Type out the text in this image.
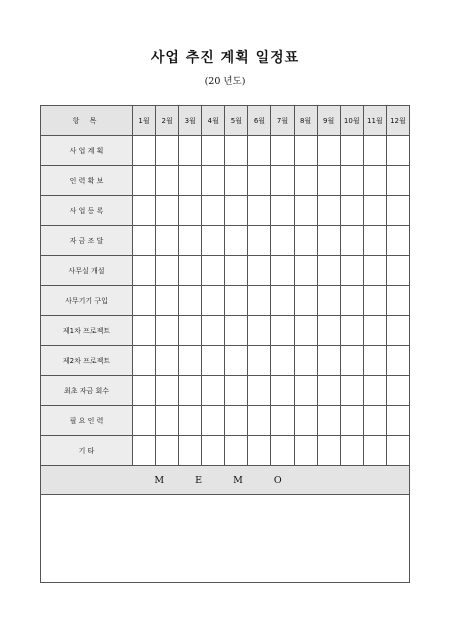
사업 추진 계획 일정표
(20 년도)
항 목	1월	2월	3월	4월	5월	6월	7월	8월	9월	10월	11월	12월
사 업 계 획												
인 력 확 보												
사 업 등 록												
자 금 조 달												
사무실 개설												
사무기기 구입												
제1차 프로젝트												
제2차 프로젝트												
최초 자금 회수												
필 요 인 력												
기 타												
M E M O												
